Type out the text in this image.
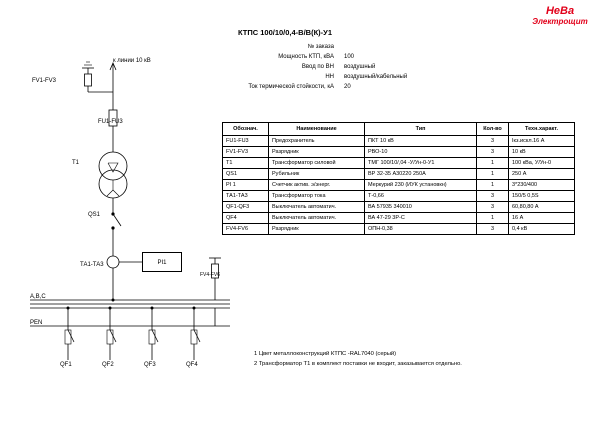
НеВа
Электрощит
КТПС 100/10/0,4-В/В(К)-У1
№ заказа
Мощность КТП, кВА	100
Ввод по ВН	воздушный
НН	воздушный/кабельный
Ток термической стойкости, кА	20
Обознач.	Наименование	Тип	Кол-во	Техн.характ.
FU1-FU3	Предохранитель	ПКТ 10 кВ	3	Iкз.иcкл.16 А
FV1-FV3	Разрядник	РВО-10	3	10 кВ
Т1	Трансформатор силовой	ТМГ 100/10/,04 -У/Ун-0-У1	1	100 кВа, У/Ун-0
QS1	Рубильник	ВР 32-35 А30220 250А	1	250 А
PI 1	Счетчик актив. э/энерг.	Меркурий 230 (ИУК установкн)	1	3*230/400
ТА1-ТА3	Трансформатор тока	Т-0,66	3	150/5 0,5S
QF1-QF3	Выключатель автоматич.	ВА 57935 340010	3	60,80,80 А
QF4	Выключатель автоматич.	ВА 47-29 3P-C	1	16 А
FV4-FV6	Разрядник	ОПН-0,38	3	0,4 кВ
1 Цвет металлоконструкций КТПС -RAL7040 (серый)
2 Трансформатор Т1 в комплект поставки не входит, заказывается отдельно.
PI1
к линии 10 кВ
FV1-FV3
FU1-FU3
Т1
QS1
ТА1-ТА3
FV4-FV6
A,B,C
PEN
QF1	QF2	QF3	QF4
